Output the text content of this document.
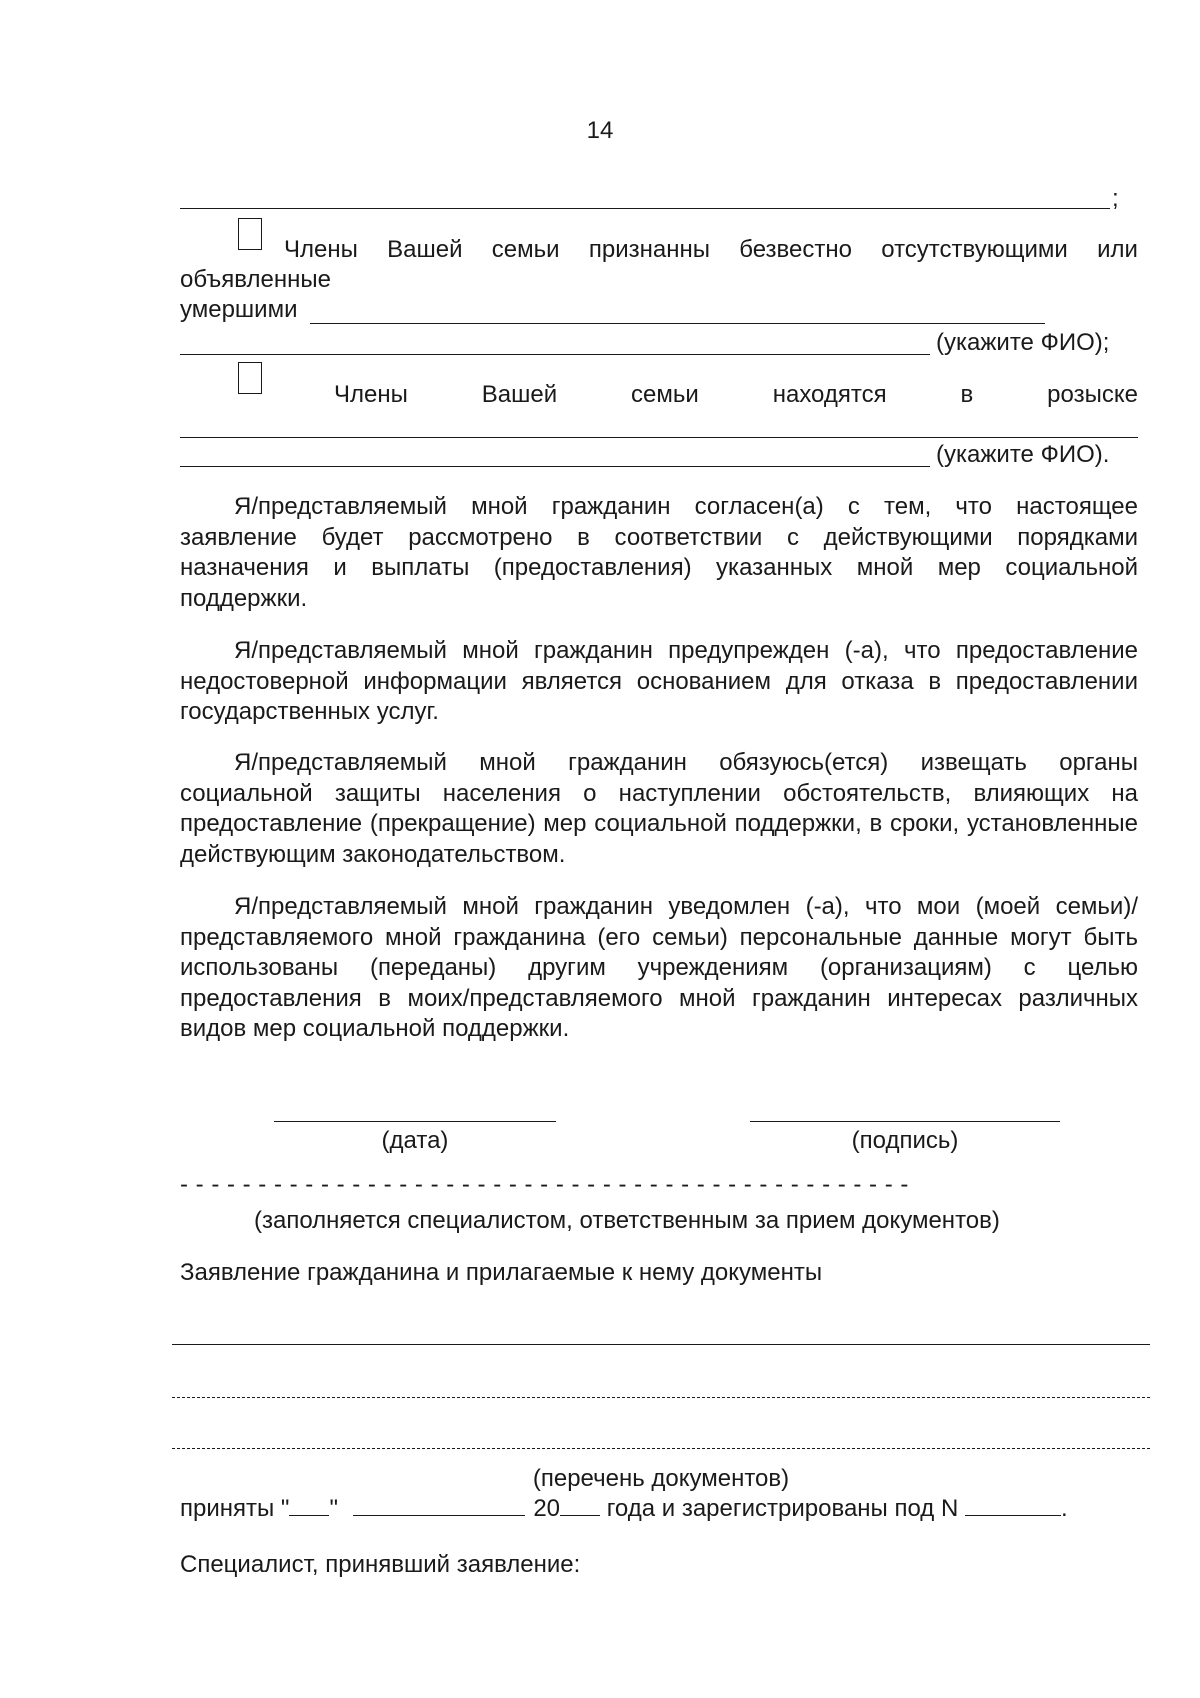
14
;
Члены Вашей семьи признанны безвестно отсутствующими или
объявленные
умершими
(укажите ФИО);
Члены	Вашей	семьи	находятся	в	розыске
(укажите ФИО).
Я/представляемый мной гражданин согласен(а) с тем, что настоящее заявление будет рассмотрено в соответствии с действующими порядками назначения и выплаты (предоставления) указанных мной мер социальной поддержки.
Я/представляемый мной гражданин предупрежден (-а), что предоставление недостоверной информации является основанием для отказа в предоставлении государственных услуг.
Я/представляемый мной гражданин обязуюсь(ется) извещать органы социальной защиты населения о наступлении обстоятельств, влияющих на предоставление (прекращение) мер социальной поддержки, в сроки, установленные действующим законодательством.
Я/представляемый мной гражданин уведомлен (-а), что мои (моей семьи)/представляемого мной гражданина (его семьи) персональные данные могут быть использованы (переданы) другим учреждениям (организациям) с целью предоставления в моих/представляемого мной гражданин интересах различных видов мер социальной поддержки.
(дата)	(подпись)
- - - - - - - - - - - - - - - - - - - - - - - - - - - - - - - - - - - - - - - - - - - - - - -
(заполняется специалистом, ответственным за прием документов)
Заявление гражданина и прилагаемые к нему документы
(перечень документов)
приняты " "	20 года и зарегистрированы под N	.
Специалист, принявший заявление:
